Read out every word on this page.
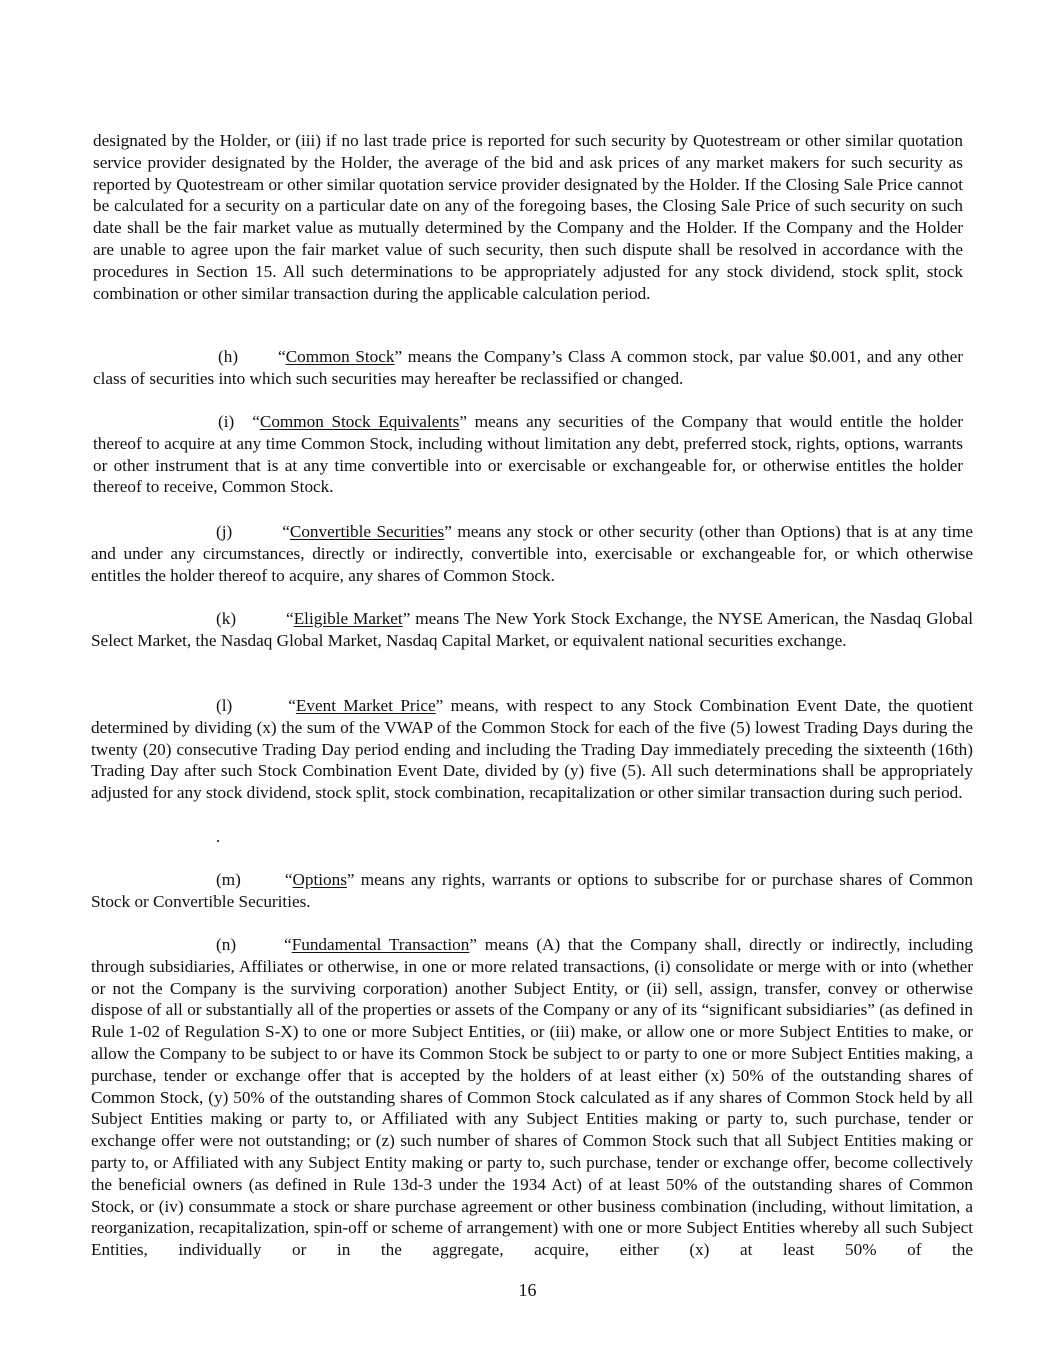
designated by the Holder, or (iii) if no last trade price is reported for such security by Quotestream or other similar quotation service provider designated by the Holder, the average of the bid and ask prices of any market makers for such security as reported by Quotestream or other similar quotation service provider designated by the Holder. If the Closing Sale Price cannot be calculated for a security on a particular date on any of the foregoing bases, the Closing Sale Price of such security on such date shall be the fair market value as mutually determined by the Company and the Holder. If the Company and the Holder are unable to agree upon the fair market value of such security, then such dispute shall be resolved in accordance with the procedures in Section 15. All such determinations to be appropriately adjusted for any stock dividend, stock split, stock combination or other similar transaction during the applicable calculation period.

(h) “Common Stock” means the Company’s Class A common stock, par value $0.001, and any other class of securities into which such securities may hereafter be reclassified or changed.

(i) “Common Stock Equivalents” means any securities of the Company that would entitle the holder thereof to acquire at any time Common Stock, including without limitation any debt, preferred stock, rights, options, warrants or other instrument that is at any time convertible into or exercisable or exchangeable for, or otherwise entitles the holder thereof to receive, Common Stock.

(j)	“Convertible Securities” means any stock or other security (other than Options) that is at any time and under any circumstances, directly or indirectly, convertible into, exercisable or exchangeable for, or which otherwise entitles the holder thereof to acquire, any shares of Common Stock.

(k)	“Eligible Market” means The New York Stock Exchange, the NYSE American, the Nasdaq Global Select Market, the Nasdaq Global Market, Nasdaq Capital Market, or equivalent national securities exchange.

(l)	“Event Market Price” means, with respect to any Stock Combination Event Date, the quotient determined by dividing (x) the sum of the VWAP of the Common Stock for each of the five (5) lowest Trading Days during the twenty (20) consecutive Trading Day period ending and including the Trading Day immediately preceding the sixteenth (16th) Trading Day after such Stock Combination Event Date, divided by (y) five (5). All such determinations shall be appropriately adjusted for any stock dividend, stock split, stock combination, recapitalization or other similar transaction during such period.

.

(m)	“Options” means any rights, warrants or options to subscribe for or purchase shares of Common Stock or Convertible Securities.

(n)	“Fundamental Transaction” means (A) that the Company shall, directly or indirectly, including through subsidiaries, Affiliates or otherwise, in one or more related transactions, (i) consolidate or merge with or into (whether or not the Company is the surviving corporation) another Subject Entity, or (ii) sell, assign, transfer, convey or otherwise dispose of all or substantially all of the properties or assets of the Company or any of its “significant subsidiaries” (as defined in Rule 1-02 of Regulation S-X) to one or more Subject Entities, or (iii) make, or allow one or more Subject Entities to make, or allow the Company to be subject to or have its Common Stock be subject to or party to one or more Subject Entities making, a purchase, tender or exchange offer that is accepted by the holders of at least either (x) 50% of the outstanding shares of Common Stock, (y) 50% of the outstanding shares of Common Stock calculated as if any shares of Common Stock held by all Subject Entities making or party to, or Affiliated with any Subject Entities making or party to, such purchase, tender or exchange offer were not outstanding; or (z) such number of shares of Common Stock such that all Subject Entities making or party to, or Affiliated with any Subject Entity making or party to, such purchase, tender or exchange offer, become collectively the beneficial owners (as defined in Rule 13d-3 under the 1934 Act) of at least 50% of the outstanding shares of Common Stock, or (iv) consummate a stock or share purchase agreement or other business combination (including, without limitation, a reorganization, recapitalization, spin-off or scheme of arrangement) with one or more Subject Entities whereby all such Subject Entities, individually or in the aggregate, acquire, either (x) at least 50% of the

16
